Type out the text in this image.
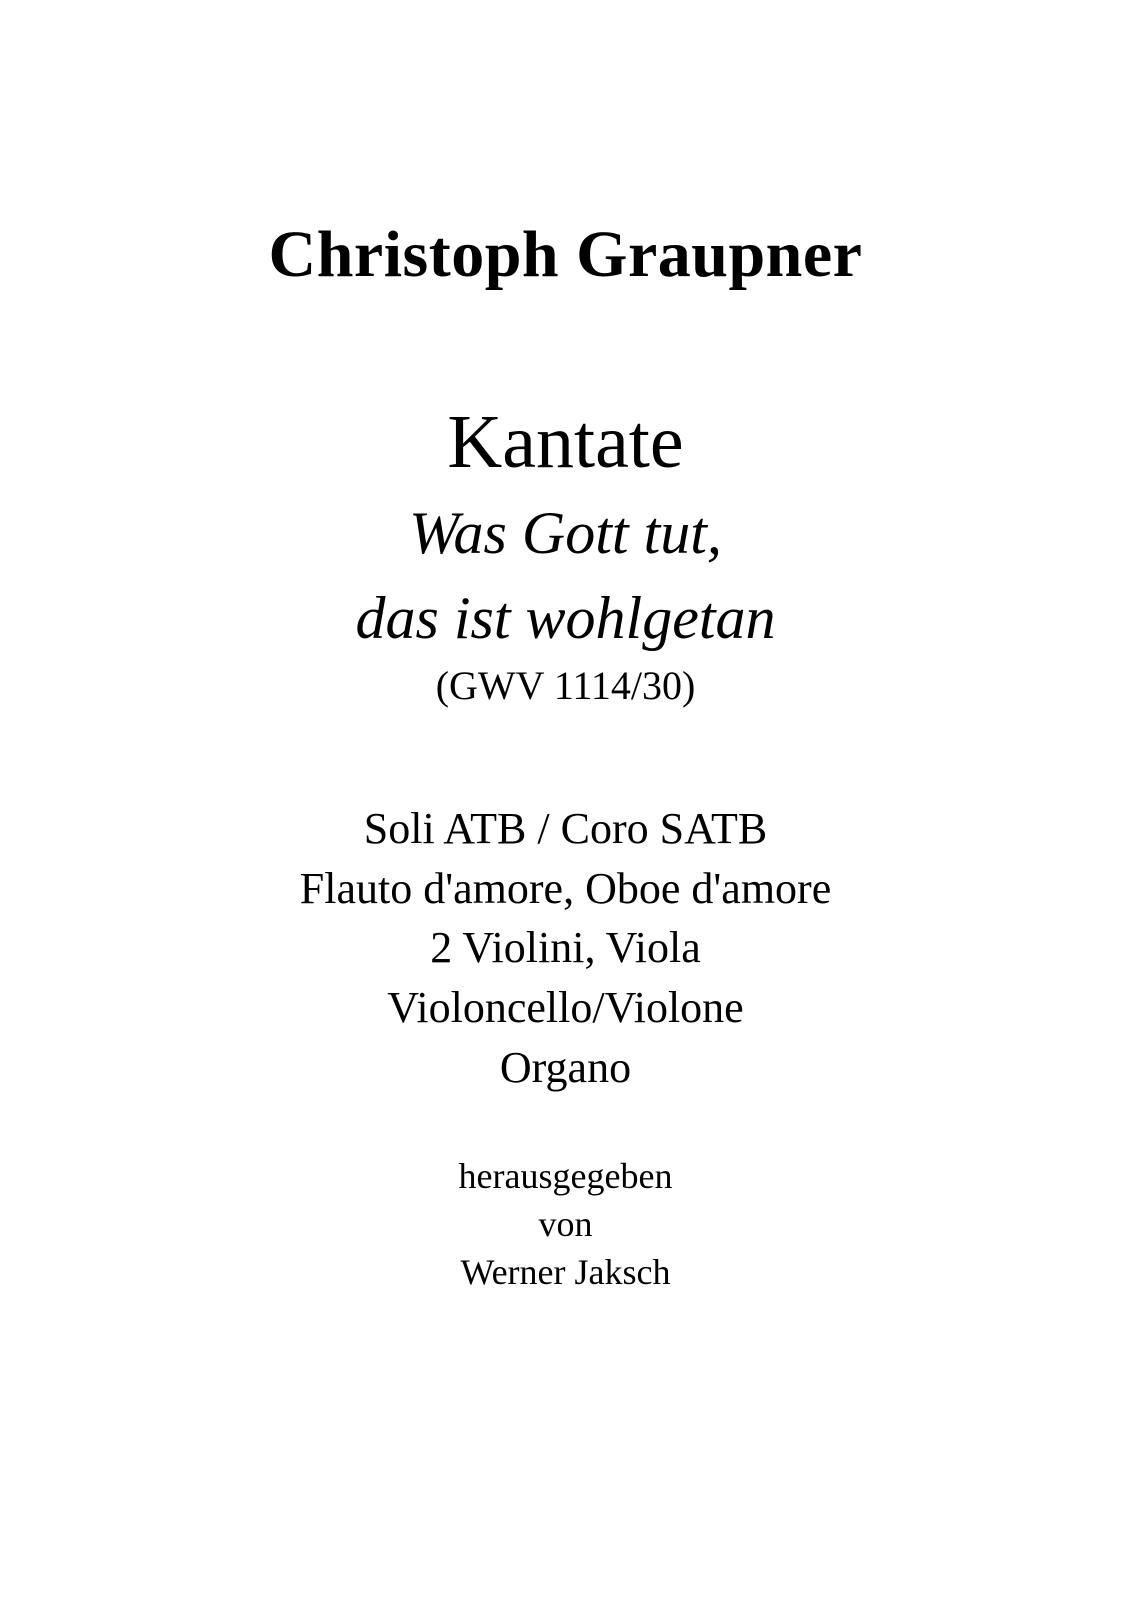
Christoph Graupner
Kantate
Was Gott tut,
das ist wohlgetan
(GWV 1114/30)
Soli ATB / Coro SATB
Flauto d'amore, Oboe d'amore
2 Violini, Viola
Violoncello/Violone
Organo
herausgegeben
von
Werner Jaksch
